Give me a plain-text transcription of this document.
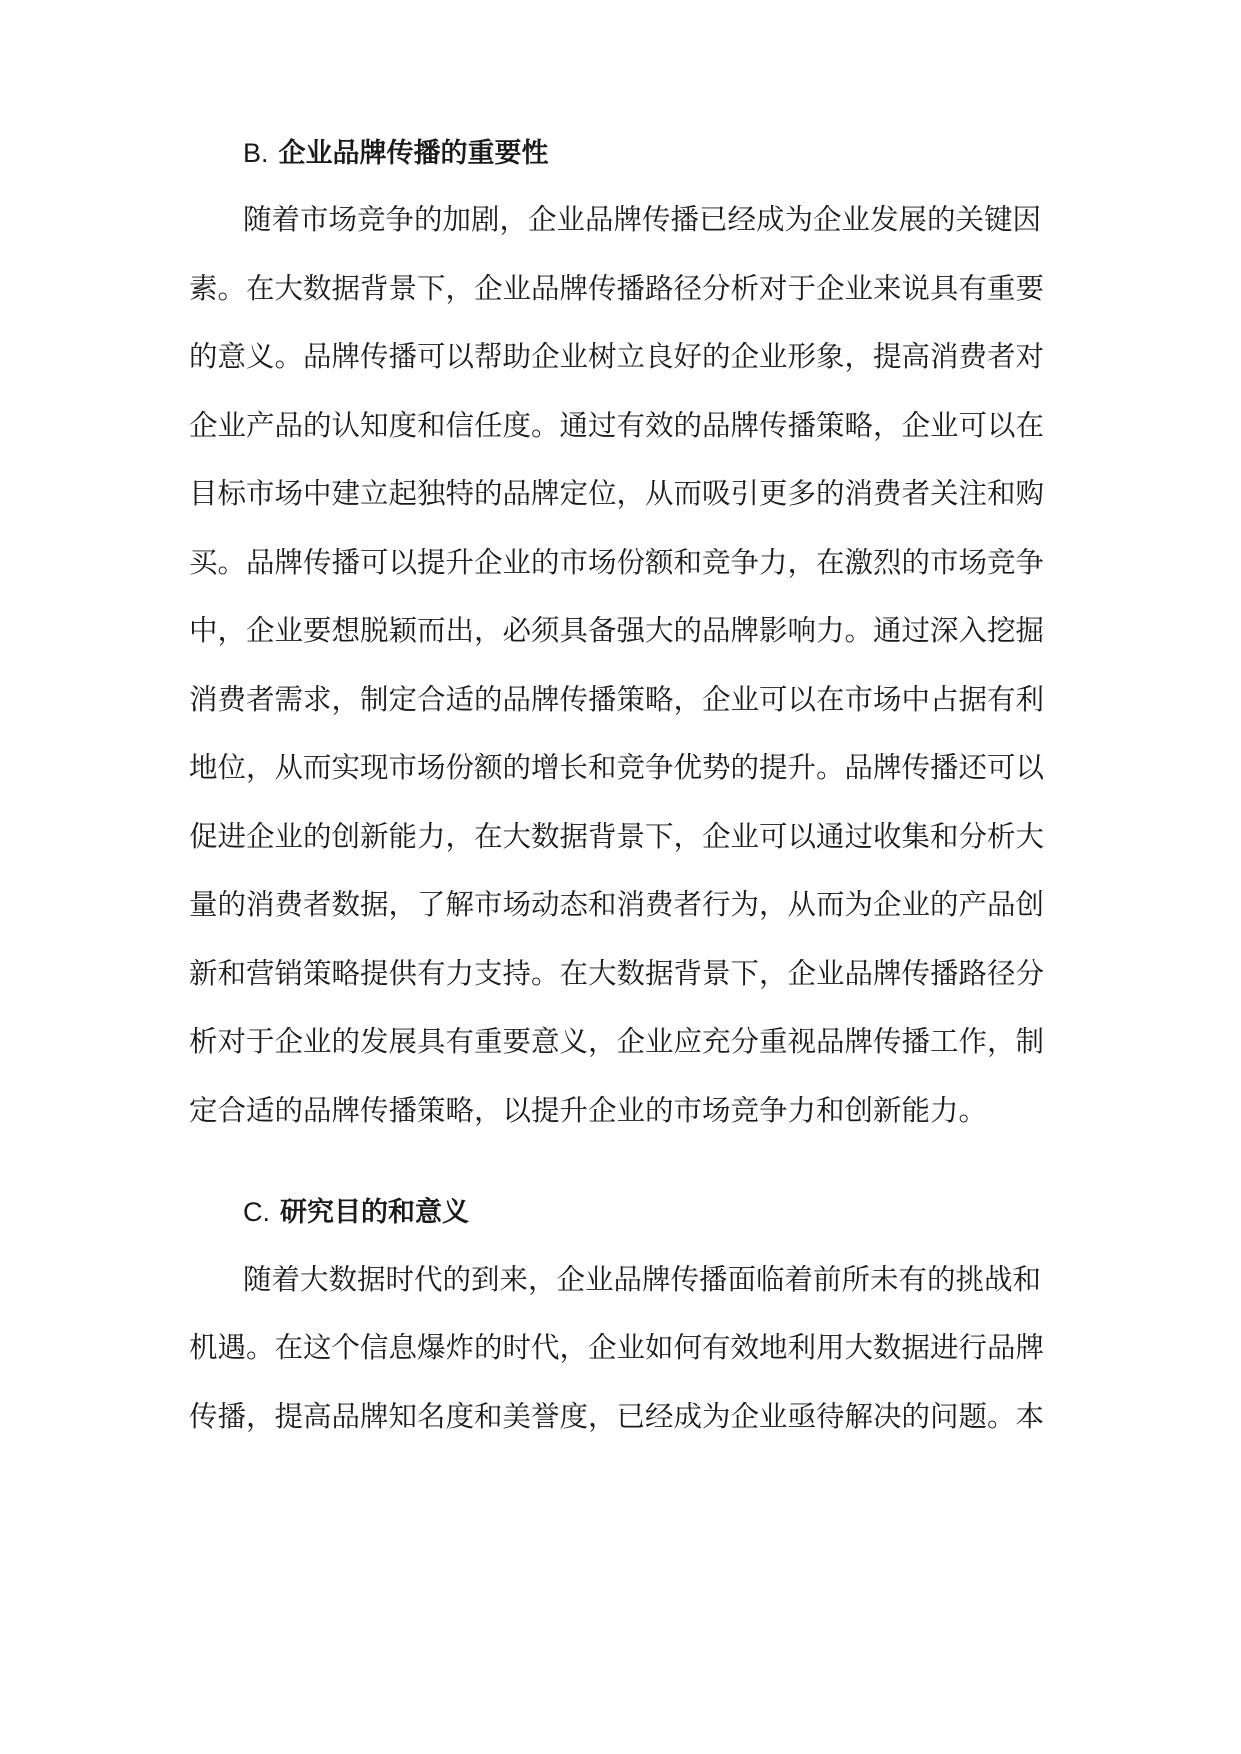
B. 企业品牌传播的重要性
随着市场竞争的加剧，企业品牌传播已经成为企业发展的关键因
素。在大数据背景下，企业品牌传播路径分析对于企业来说具有重要
的意义。品牌传播可以帮助企业树立良好的企业形象，提高消费者对
企业产品的认知度和信任度。通过有效的品牌传播策略，企业可以在
目标市场中建立起独特的品牌定位，从而吸引更多的消费者关注和购
买。品牌传播可以提升企业的市场份额和竞争力，在激烈的市场竞争
中，企业要想脱颖而出，必须具备强大的品牌影响力。通过深入挖掘
消费者需求，制定合适的品牌传播策略，企业可以在市场中占据有利
地位，从而实现市场份额的增长和竞争优势的提升。品牌传播还可以
促进企业的创新能力，在大数据背景下，企业可以通过收集和分析大
量的消费者数据，了解市场动态和消费者行为，从而为企业的产品创
新和营销策略提供有力支持。在大数据背景下，企业品牌传播路径分
析对于企业的发展具有重要意义，企业应充分重视品牌传播工作，制
定合适的品牌传播策略，以提升企业的市场竞争力和创新能力。
C. 研究目的和意义
随着大数据时代的到来，企业品牌传播面临着前所未有的挑战和
机遇。在这个信息爆炸的时代，企业如何有效地利用大数据进行品牌
传播，提高品牌知名度和美誉度，已经成为企业亟待解决的问题。本
